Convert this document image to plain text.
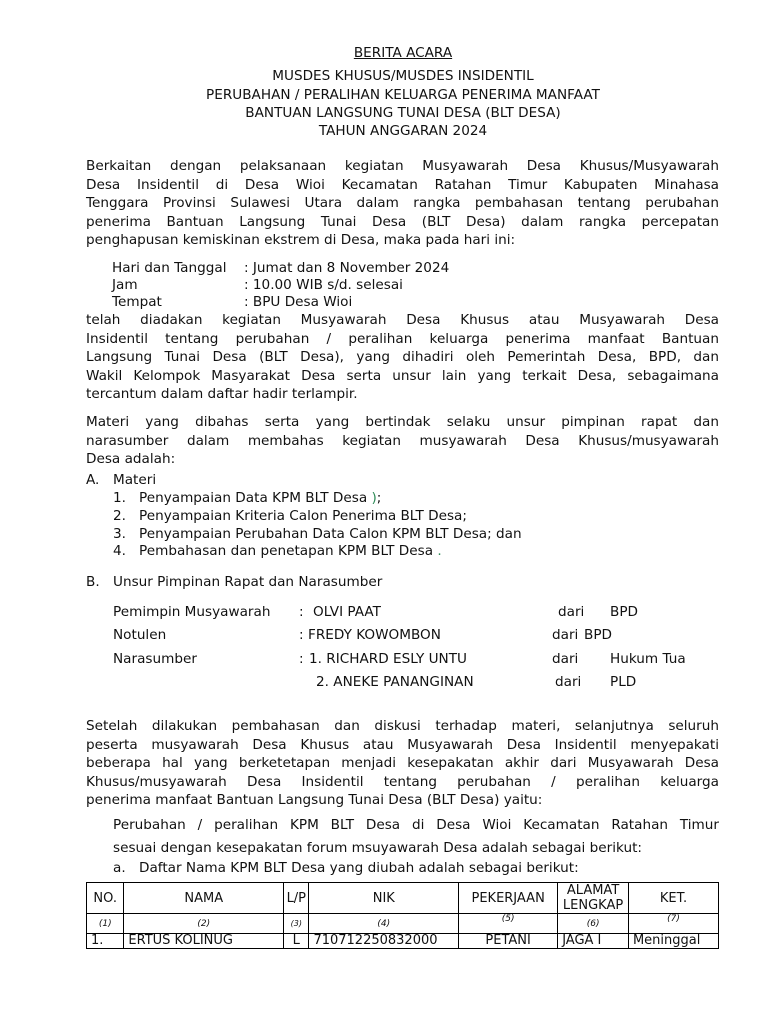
BERITA ACARA
MUSDES KHUSUS/MUSDES INSIDENTIL
PERUBAHAN / PERALIHAN KELUARGA PENERIMA MANFAAT
BANTUAN LANGSUNG TUNAI DESA (BLT DESA)
TAHUN ANGGARAN 2024
Berkaitan dengan pelaksanaan kegiatan Musyawarah Desa Khusus/Musyawarah
Desa Insidentil di Desa Wioi Kecamatan Ratahan Timur Kabupaten Minahasa
Tenggara Provinsi Sulawesi Utara dalam rangka pembahasan tentang perubahan
penerima Bantuan Langsung Tunai Desa (BLT Desa) dalam rangka percepatan
penghapusan kemiskinan ekstrem di Desa, maka pada hari ini:
Hari dan Tanggal : Jumat dan 8 November 2024
Jam	: 10.00 WIB s/d. selesai
Tempat	: BPU Desa Wioi
telah diadakan kegiatan Musyawarah Desa Khusus atau Musyawarah Desa
Insidentil tentang perubahan / peralihan keluarga penerima manfaat Bantuan
Langsung Tunai Desa (BLT Desa), yang dihadiri oleh Pemerintah Desa, BPD, dan
Wakil Kelompok Masyarakat Desa serta unsur lain yang terkait Desa, sebagaimana
tercantum dalam daftar hadir terlampir.
Materi yang dibahas serta yang bertindak selaku unsur pimpinan rapat dan
narasumber dalam membahas kegiatan musyawarah Desa Khusus/musyawarah
Desa adalah:
A. Materi
1. Penyampaian Data KPM BLT Desa );
2. Penyampaian Kriteria Calon Penerima BLT Desa;
3. Penyampaian Perubahan Data Calon KPM BLT Desa; dan
4. Pembahasan dan penetapan KPM BLT Desa .
B. Unsur Pimpinan Rapat dan Narasumber
Pemimpin Musyawarah : OLVI PAAT	dari BPD
Notulen	: FREDY KOWOMBON	dari BPD
Narasumber	: 1. RICHARD ESLY UNTU	dari Hukum Tua
2. ANEKE PANANGINAN	dari PLD
Setelah dilakukan pembahasan dan diskusi terhadap materi, selanjutnya seluruh
peserta musyawarah Desa Khusus atau Musyawarah Desa Insidentil menyepakati
beberapa hal yang berketetapan menjadi kesepakatan akhir dari Musyawarah Desa
Khusus/musyawarah Desa Insidentil tentang perubahan / peralihan keluarga
penerima manfaat Bantuan Langsung Tunai Desa (BLT Desa) yaitu:
Perubahan / peralihan KPM BLT Desa di Desa Wioi Kecamatan Ratahan Timur
sesuai dengan kesepakatan forum msuyawarah Desa adalah sebagai berikut:
a. Daftar Nama KPM BLT Desa yang diubah adalah sebagai berikut:
NO.	NAMA	L/P	NIK	PEKERJAAN	ALAMAT LENGKAP	KET.
(1)	(2)	(3)	(4)	(5)	(6)	(7)
1.	ERTUS KOLINUG	L	710712250832000	PETANI	JAGA I	Meninggal
